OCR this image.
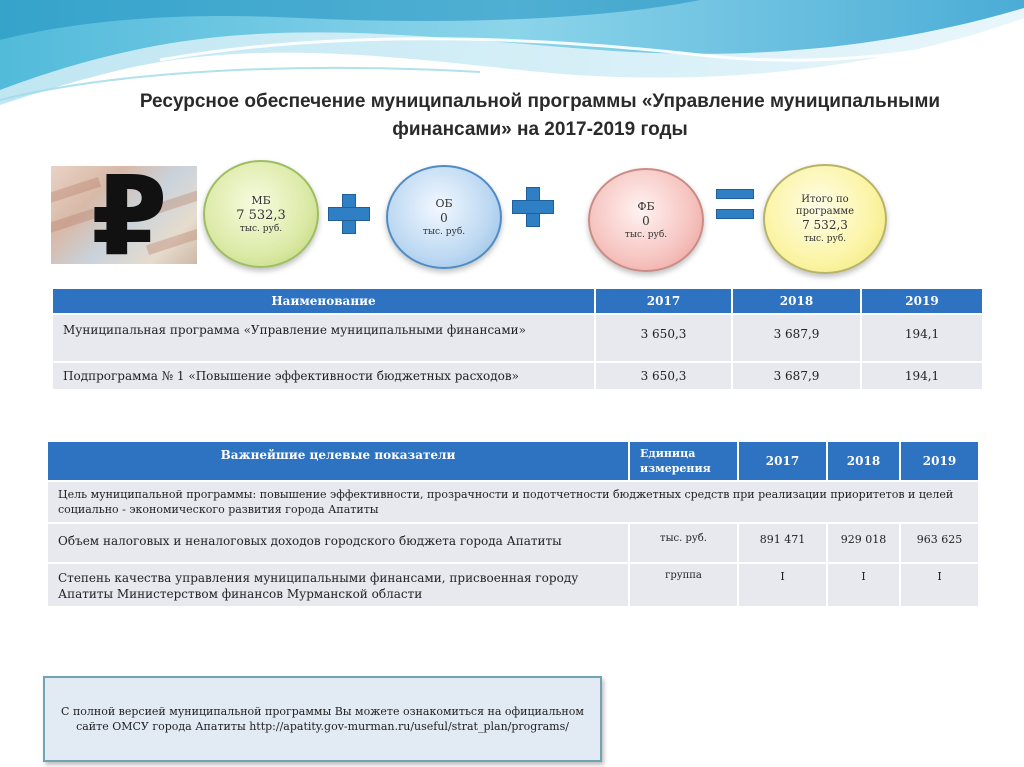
Ресурсное обеспечение муниципальной программы «Управление муниципальными
финансами» на 2017-2019 годы
₽	МБ
7 532,3
тыс. руб.
ОБ
0
тыс. руб.
ФБ
0
тыс. руб.
Итого по
программе
7 532,3
тыс. руб.
Наименование	2017	2018	2019
Муниципальная программа «Управление муниципальными финансами»	3 650,3	3 687,9	194,1
Подпрограмма № 1 «Повышение эффективности бюджетных расходов»	3 650,3	3 687,9	194,1
Важнейшие целевые показатели	Единица
измерения	2017	2018	2019
Цель муниципальной программы: повышение эффективности, прозрачности и подотчетности бюджетных средств при реализации приоритетов и целей социально - экономического развития города Апатиты				
Объем налоговых и неналоговых доходов городского бюджета города Апатиты	тыс. руб.	891 471	929 018	963 625
Степень качества управления муниципальными финансами, присвоенная городу Апатиты Министерством финансов Мурманской области	группа	I	I	I
С полной версией муниципальной программы Вы можете ознакомиться на официальном сайте ОМСУ города Апатиты http://apatity.gov-murman.ru/useful/strat_plan/programs/
